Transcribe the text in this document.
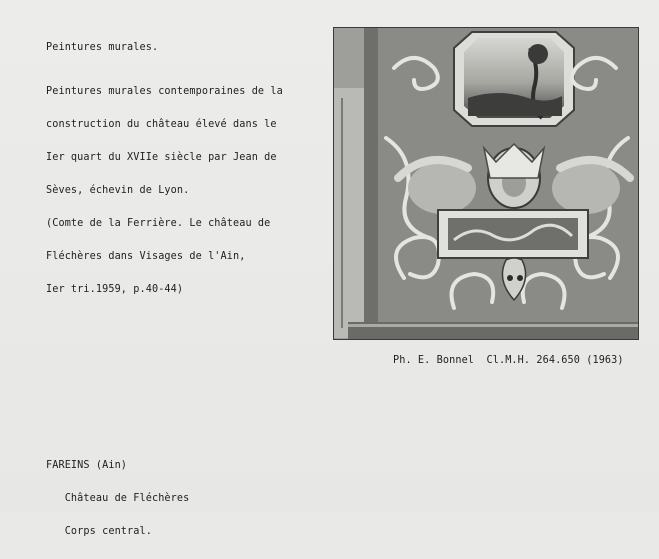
Peintures murales.

Peintures murales contemporaines de la

construction du château élevé dans le

Ier quart du XVIIe siècle par Jean de

Sèves, échevin de Lyon.

(Comte de la Ferrière. Le château de

Fléchères dans Visages de l'Ain,

Ier tri.1959, p.40-44)

Ph. E. Bonnel  Cl.M.H. 264.650 (1963)

FAREINS (Ain)

Château de Fléchères

Corps central.
